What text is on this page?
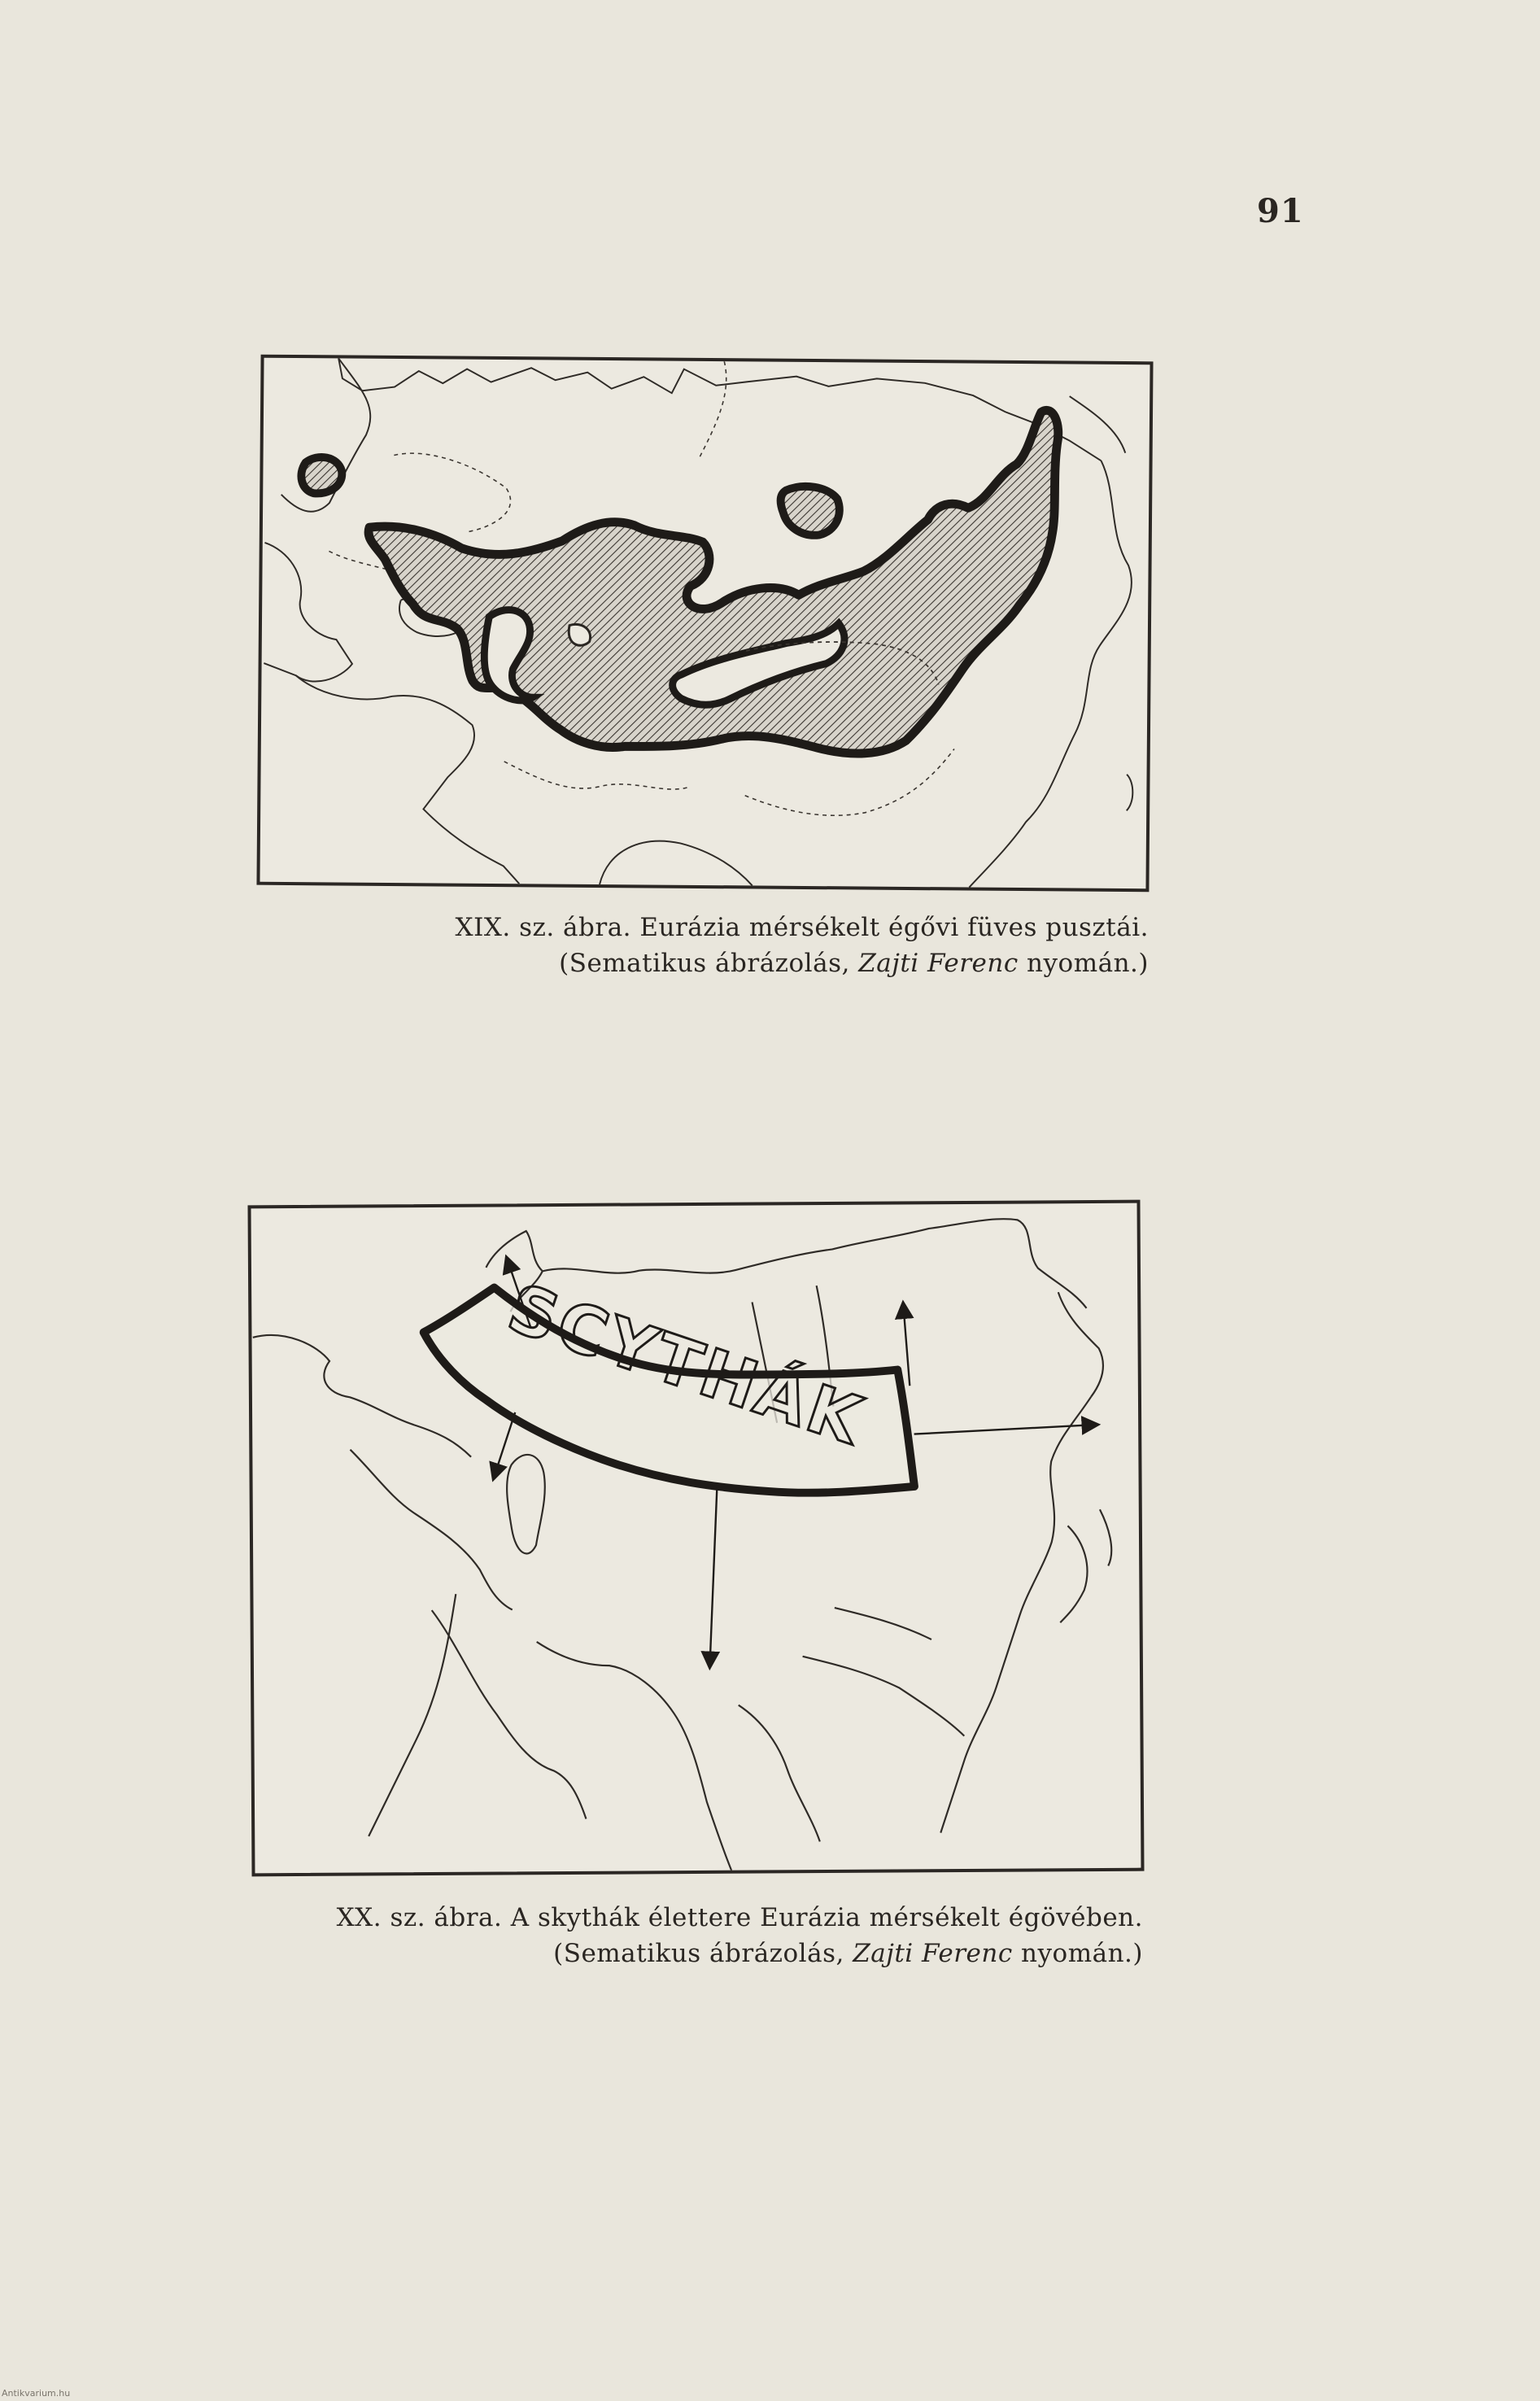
91
XIX. sz. ábra. Eurázia mérsékelt égővi füves pusztái.
(Sematikus ábrázolás, Zajti Ferenc nyomán.)
SCYTHÁK
XX. sz. ábra. A skythák élettere Eurázia mérsékelt égövében.
(Sematikus ábrázolás, Zajti Ferenc nyomán.)
Antikvarium.hu
